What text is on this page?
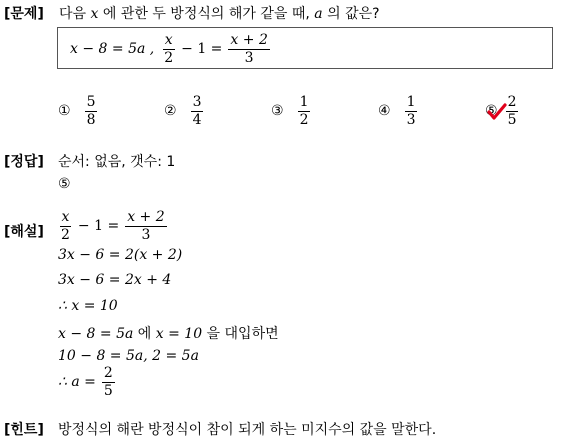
[문제] 다음 x 에 관한 두 방정식의 해가 같을 때, a 의 값은?
x − 8 = 5a , $\frac{x}{2} - 1 = \frac{x + 2}{3}$
① $\frac{5}{8}$	② $\frac{3}{4}$	③ $\frac{1}{2}$	④ $\frac{1}{3}$	⑤ $\frac{2}{5}$
[정답] 순서: 없음, 갯수: 1
⑤
[해설] $\frac{x}{2} - 1 = \frac{x + 2}{3}$
3x − 6 = 2(x + 2)
3x − 6 = 2x + 4
∴ x = 10
x − 8 = 5a 에 x = 10 을 대입하면
10 − 8 = 5a, 2 = 5a
∴ $a = \frac{2}{5}$
[힌트] 방정식의 해란 방정식이 참이 되게 하는 미지수의 값을 말한다.
